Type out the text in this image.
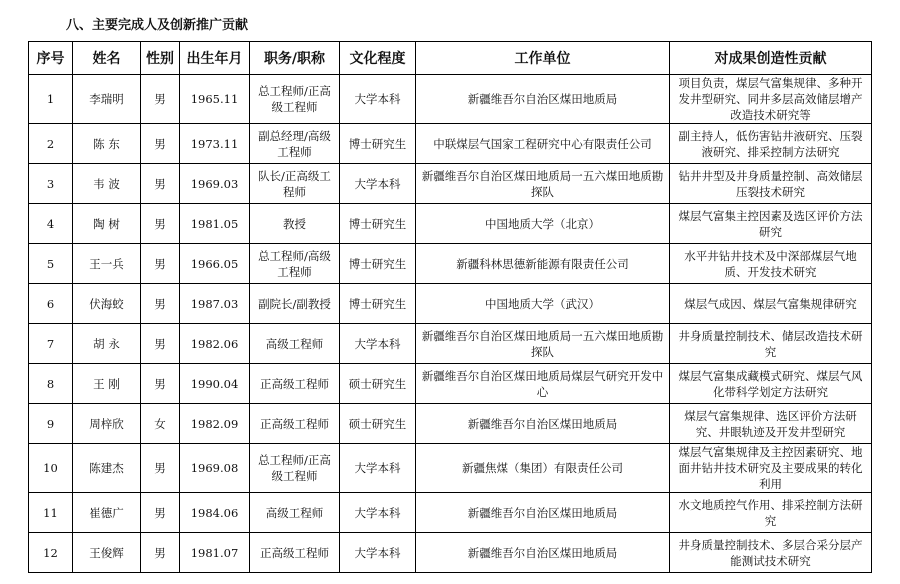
八、主要完成人及创新推广贡献
序号	姓名	性别	出生年月	职务/职称	文化程度	工作单位	对成果创造性贡献
1	李瑞明	男	1965.11	总工程师/正高级工程师	大学本科	新疆维吾尔自治区煤田地质局	项目负责，煤层气富集规律、多种开发井型研究、同井多层高效储层增产改造技术研究等
2	陈 东	男	1973.11	副总经理/高级工程师	博士研究生	中联煤层气国家工程研究中心有限责任公司	副主持人，低伤害钻井液研究、压裂液研究、排采控制方法研究
3	韦 波	男	1969.03	队长/正高级工程师	大学本科	新疆维吾尔自治区煤田地质局一五六煤田地质勘探队	钻井井型及井身质量控制、高效储层压裂技术研究
4	陶 树	男	1981.05	教授	博士研究生	中国地质大学（北京）	煤层气富集主控因素及选区评价方法研究
5	王一兵	男	1966.05	总工程师/高级工程师	博士研究生	新疆科林思德新能源有限责任公司	水平井钻井技术及中深部煤层气地质、开发技术研究
6	伏海蛟	男	1987.03	副院长/副教授	博士研究生	中国地质大学（武汉）	煤层气成因、煤层气富集规律研究
7	胡 永	男	1982.06	高级工程师	大学本科	新疆维吾尔自治区煤田地质局一五六煤田地质勘探队	井身质量控制技术、储层改造技术研究
8	王 刚	男	1990.04	正高级工程师	硕士研究生	新疆维吾尔自治区煤田地质局煤层气研究开发中心	煤层气富集成藏模式研究、煤层气风化带科学划定方法研究
9	周梓欣	女	1982.09	正高级工程师	硕士研究生	新疆维吾尔自治区煤田地质局	煤层气富集规律、选区评价方法研究、井眼轨迹及开发井型研究
10	陈建杰	男	1969.08	总工程师/正高级工程师	大学本科	新疆焦煤（集团）有限责任公司	煤层气富集规律及主控因素研究、地面井钻井技术研究及主要成果的转化利用
11	崔德广	男	1984.06	高级工程师	大学本科	新疆维吾尔自治区煤田地质局	水文地质控气作用、排采控制方法研究
12	王俊辉	男	1981.07	正高级工程师	大学本科	新疆维吾尔自治区煤田地质局	井身质量控制技术、多层合采分层产能测试技术研究
